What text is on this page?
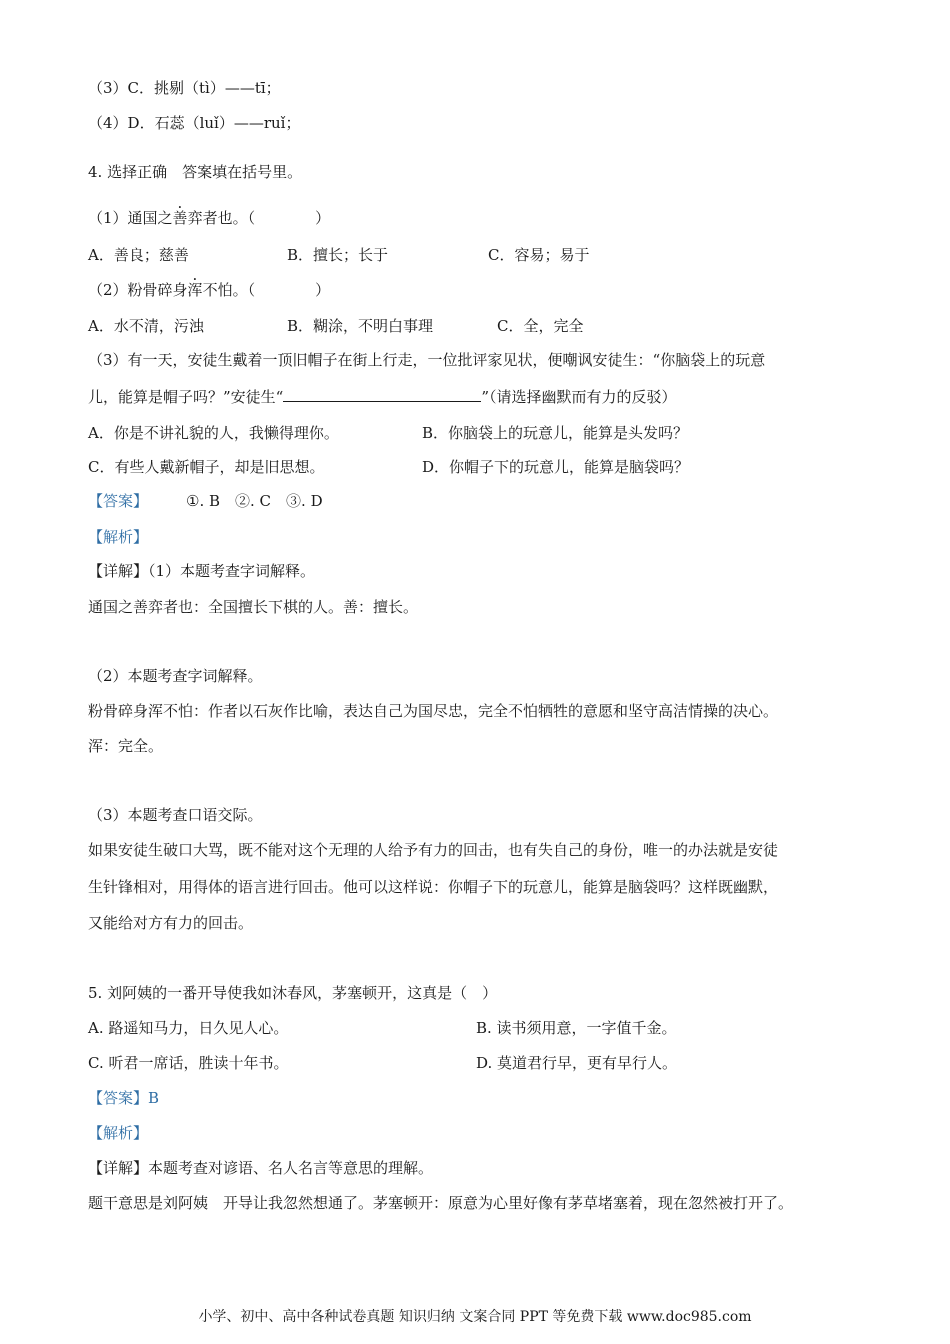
（3）C．挑剔（tì）——tī；
（4）D．石蕊（luǐ）——ruǐ；
4. 选择正确　答案填在括号里。
（1）通国之善弈者也。（　　　　）
A．善良；慈善	B．擅长；长于	C．容易；易于
（2）粉骨碎身浑不怕。（　　　　）
A．水不清，污浊	B．糊涂，不明白事理	C．全，完全
（3）有一天，安徒生戴着一顶旧帽子在街上行走，一位批评家见状，便嘲讽安徒生：“你脑袋上的玩意
儿，能算是帽子吗？”安徒生“	”（请选择幽默而有力的反驳）
A．你是不讲礼貌的人，我懒得理你。	B．你脑袋上的玩意儿，能算是头发吗？
C．有些人戴新帽子，却是旧思想。	D．你帽子下的玩意儿，能算是脑袋吗？
【答案】	①. B　②. C　③. D
【解析】
【详解】（1）本题考查字词解释。
通国之善弈者也：全国擅长下棋的人。善：擅长。
（2）本题考查字词解释。
粉骨碎身浑不怕：作者以石灰作比喻，表达自己为国尽忠，完全不怕牺牲的意愿和坚守高洁情操的决心。
浑：完全。
（3）本题考查口语交际。
如果安徒生破口大骂，既不能对这个无理的人给予有力的回击，也有失自己的身份，唯一的办法就是安徒
生针锋相对，用得体的语言进行回击。他可以这样说：你帽子下的玩意儿，能算是脑袋吗？这样既幽默，
又能给对方有力的回击。
5. 刘阿姨的一番开导使我如沐春风，茅塞顿开，这真是（　）
A. 路遥知马力，日久见人心。	B. 读书须用意，一字值千金。
C. 听君一席话，胜读十年书。	D. 莫道君行早，更有早行人。
【答案】B
【解析】
【详解】本题考查对谚语、名人名言等意思的理解。
题干意思是刘阿姨　开导让我忽然想通了。茅塞顿开：原意为心里好像有茅草堵塞着，现在忽然被打开了。
小学、初中、高中各种试卷真题 知识归纳 文案合同 PPT 等免费下载 www.doc985.com
